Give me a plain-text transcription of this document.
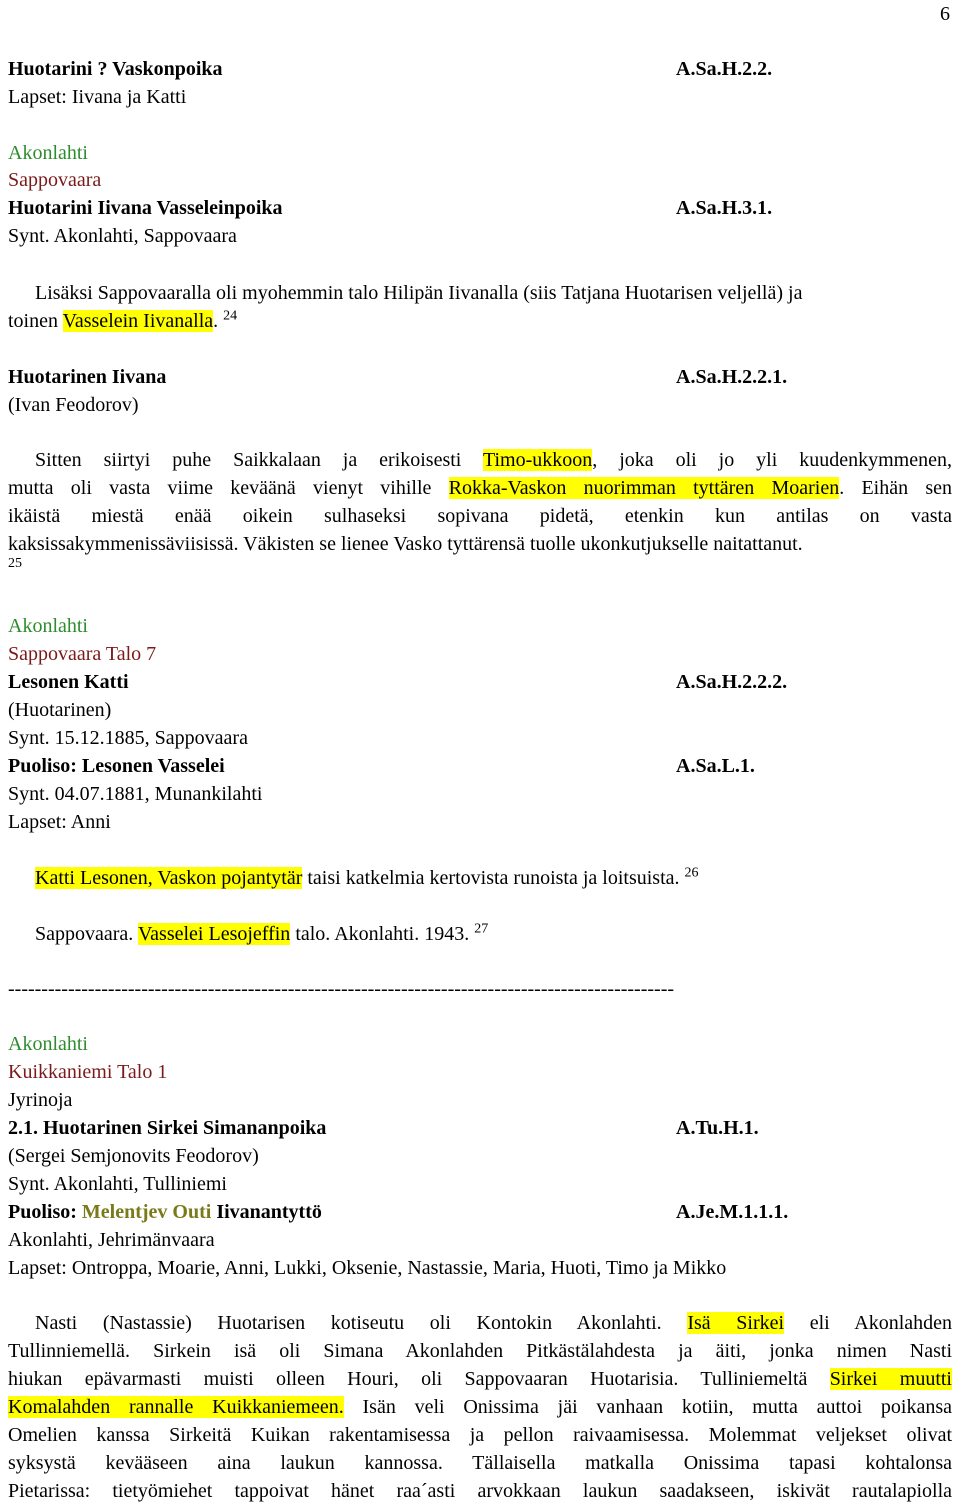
6
Huotarini ? Vaskonpoika	A.Sa.H.2.2.
Lapset: Iivana ja Katti
Akonlahti
Sappovaara
Huotarini Iivana Vasseleinpoika	A.Sa.H.3.1.
Synt. Akonlahti, Sappovaara
Lisäksi Sappovaaralla oli myohemmin talo Hilipän Iivanalla (siis Tatjana Huotarisen veljellä) ja
toinen Vasselein Iivanalla. $^{24}$
Huotarinen Iivana	A.Sa.H.2.2.1.
(Ivan Feodorov)
Sitten siirtyi puhe Saikkalaan ja erikoisesti Timo-ukkoon, joka oli jo yli kuudenkymmenen,
mutta oli vasta viime keväänä vienyt vihille Rokka-Vaskon nuorimman tyttären Moarien. Eihän sen
ikäistä miestä enää oikein sulhaseksi sopivana pidetä, etenkin kun antilas on vasta
kaksissakymmenissäviisissä. Väkisten se lienee Vasko tyttärensä tuolle ukonkutjukselle naitattanut.
25
Akonlahti
Sappovaara Talo 7
Lesonen Katti	A.Sa.H.2.2.2.
(Huotarinen)
Synt. 15.12.1885, Sappovaara
Puoliso: Lesonen Vasselei	A.Sa.L.1.
Synt. 04.07.1881, Munankilahti
Lapset: Anni
Katti Lesonen, Vaskon pojantytär taisi katkelmia kertovista runoista ja loitsuista. $^{26}$
Sappovaara. Vasselei Lesojeffin talo. Akonlahti. 1943. $^{27}$
----------------------------------------------------------------------------------------------------
Akonlahti
Kuikkaniemi Talo 1
Jyrinoja
2.1. Huotarinen Sirkei Simananpoika	A.Tu.H.1.
(Sergei Semjonovits Feodorov)
Synt. Akonlahti, Tulliniemi
Puoliso: Melentjev Outi Iivanantyttö	A.Je.M.1.1.1.
Akonlahti, Jehrimänvaara
Lapset: Ontroppa, Moarie, Anni, Lukki, Oksenie, Nastassie, Maria, Huoti, Timo ja Mikko
Nasti (Nastassie) Huotarisen kotiseutu oli Kontokin Akonlahti. Isä Sirkei eli Akonlahden
Tullinniemellä. Sirkein isä oli Simana Akonlahden Pitkästälahdesta ja äiti, jonka nimen Nasti
hiukan epävarmasti muisti olleen Houri, oli Sappovaaran Huotarisia. Tulliniemeltä Sirkei muutti
Komalahden rannalle Kuikkaniemeen. Isän veli Onissima jäi vanhaan kotiin, mutta auttoi poikansa
Omelien kanssa Sirkeitä Kuikan rakentamisessa ja pellon raivaamisessa. Molemmat veljekset olivat
syksystä kevääseen aina laukun kannossa. Tällaisella matkalla Onissima tapasi kohtalonsa
Pietarissa: tietyömiehet tappoivat hänet raa´asti arvokkaan laukun saadakseen, iskivät rautalapiolla
